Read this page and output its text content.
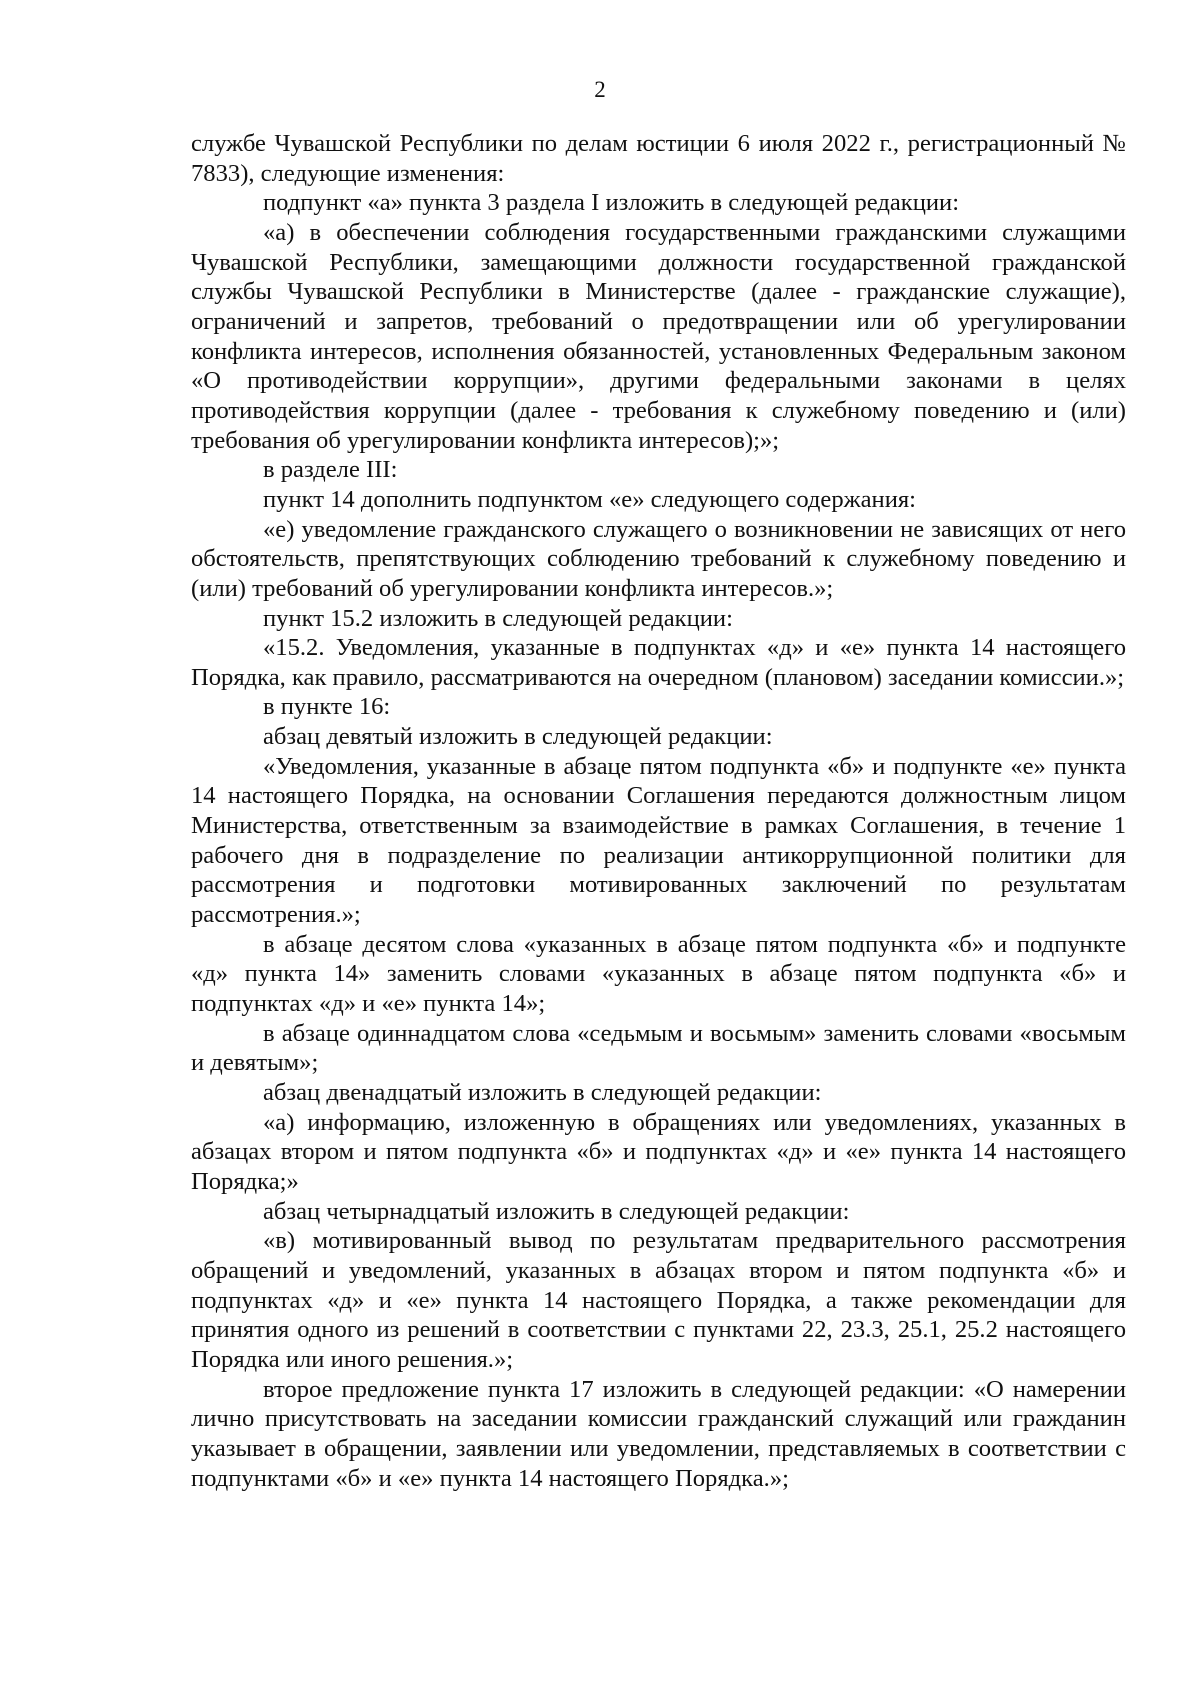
2

службе Чувашской Республики по делам юстиции 6 июля 2022 г., регистрационный № 7833), следующие изменения:

подпункт «а» пункта 3 раздела I изложить в следующей редакции:

«а) в обеспечении соблюдения государственными гражданскими служащими Чувашской Республики, замещающими должности государственной гражданской службы Чувашской Республики в Министерстве (далее - гражданские служащие), ограничений и запретов, требований о предотвращении или об урегулировании конфликта интересов, исполнения обязанностей, установленных Федеральным законом «О противодействии коррупции», другими федеральными законами в целях противодействия коррупции (далее - требования к служебному поведению и (или) требования об урегулировании конфликта интересов);»;

в разделе III:

пункт 14 дополнить подпунктом «е» следующего содержания:

«е) уведомление гражданского служащего о возникновении не зависящих от него обстоятельств, препятствующих соблюдению требований к служебному поведению и (или) требований об урегулировании конфликта интересов.»;

пункт 15.2 изложить в следующей редакции:

«15.2. Уведомления, указанные в подпунктах «д» и «е» пункта 14 настоящего Порядка, как правило, рассматриваются на очередном (плановом) заседании комиссии.»;

в пункте 16:

абзац девятый изложить в следующей редакции:

«Уведомления, указанные в абзаце пятом подпункта «б» и подпункте «е» пункта 14 настоящего Порядка, на основании Соглашения передаются должностным лицом Министерства, ответственным за взаимодействие в рамках Соглашения, в течение 1 рабочего дня в подразделение по реализации антикоррупционной политики для рассмотрения и подготовки мотивированных заключений по результатам рассмотрения.»;

в абзаце десятом слова «указанных в абзаце пятом подпункта «б» и подпункте «д» пункта 14» заменить словами «указанных в абзаце пятом подпункта «б» и подпунктах «д» и «е» пункта 14»;

в абзаце одиннадцатом слова «седьмым и восьмым» заменить словами «восьмым и девятым»;

абзац двенадцатый изложить в следующей редакции:

«а) информацию, изложенную в обращениях или уведомлениях, указанных в абзацах втором и пятом подпункта «б» и подпунктах «д» и «е» пункта 14 настоящего Порядка;»

абзац четырнадцатый изложить в следующей редакции:

«в) мотивированный вывод по результатам предварительного рассмотрения обращений и уведомлений, указанных в абзацах втором и пятом подпункта «б» и подпунктах «д» и «е» пункта 14 настоящего Порядка, а также рекомендации для принятия одного из решений в соответствии с пунктами 22, 23.3, 25.1, 25.2 настоящего Порядка или иного решения.»;

второе предложение пункта 17 изложить в следующей редакции: «О намерении лично присутствовать на заседании комиссии гражданский служащий или гражданин указывает в обращении, заявлении или уведомлении, представляемых в соответствии с подпунктами «б» и «е» пункта 14 настоящего Порядка.»;
